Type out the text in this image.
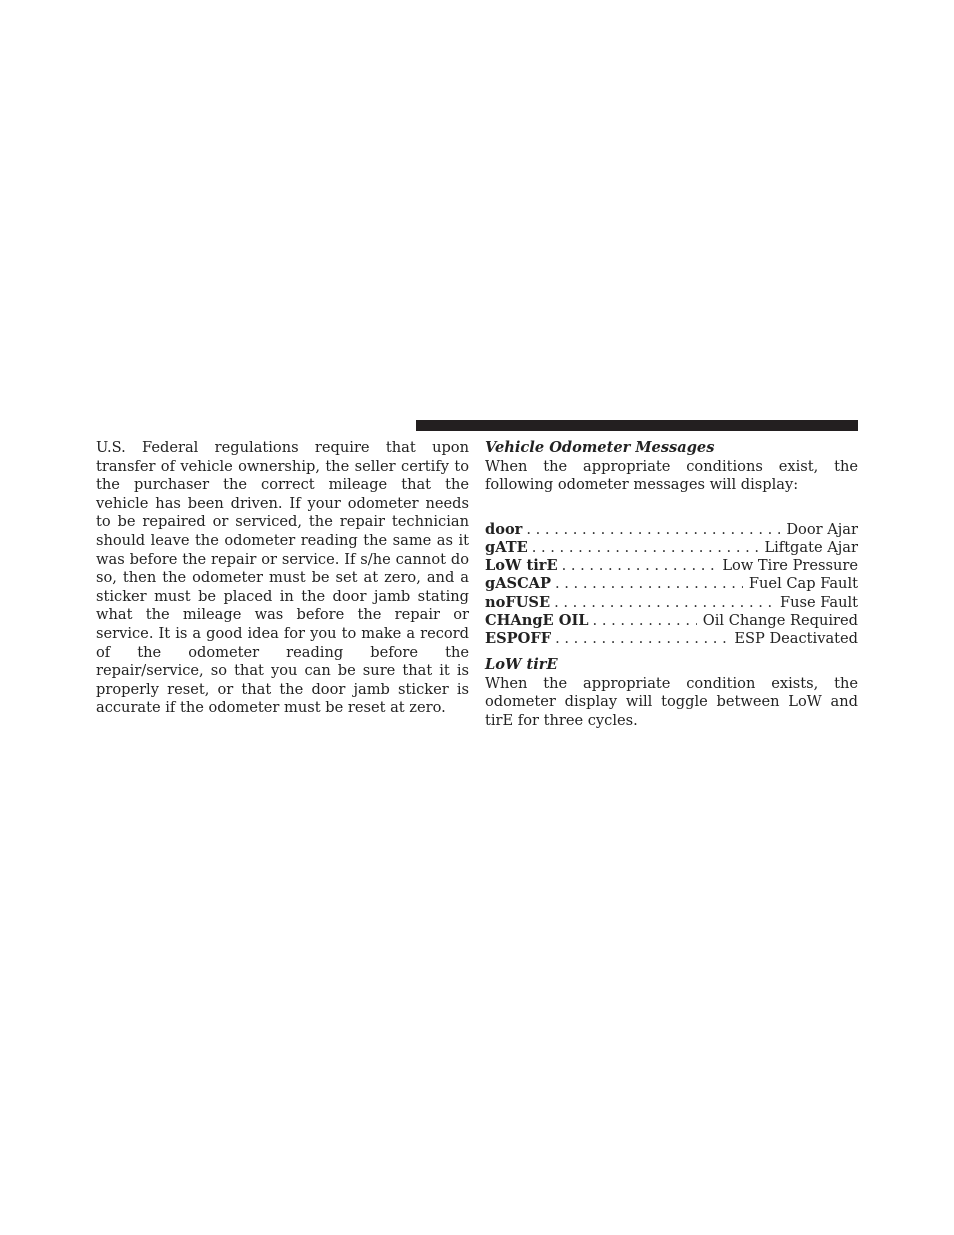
U.S. Federal regulations require that upon transfer of vehicle ownership, the seller certify to the purchaser the correct mileage that the vehicle has been driven. If your odometer needs to be repaired or serviced, the repair technician should leave the odometer reading the same as it was before the repair or service. If s/he cannot do so, then the odometer must be set at zero, and a sticker must be placed in the door jamb stating what the mileage was before the repair or service. It is a good idea for you to make a record of the odometer reading before the repair/service, so that you can be sure that it is properly reset, or that the door jamb sticker is accurate if the odometer must be reset at zero.

Vehicle Odometer Messages

When the appropriate conditions exist, the following odometer messages will display:

door . . .	Door Ajar
gATE . . .	Liftgate Ajar
LoW tirE . . .	Low Tire Pressure
gASCAP . . .	Fuel Cap Fault
noFUSE . . .	Fuse Fault
CHAngE OIL . . .	Oil Change Required
ESPOFF . . .	ESP Deactivated

LoW tirE

When the appropriate condition exists, the odometer display will toggle between LoW and tirE for three cycles.
